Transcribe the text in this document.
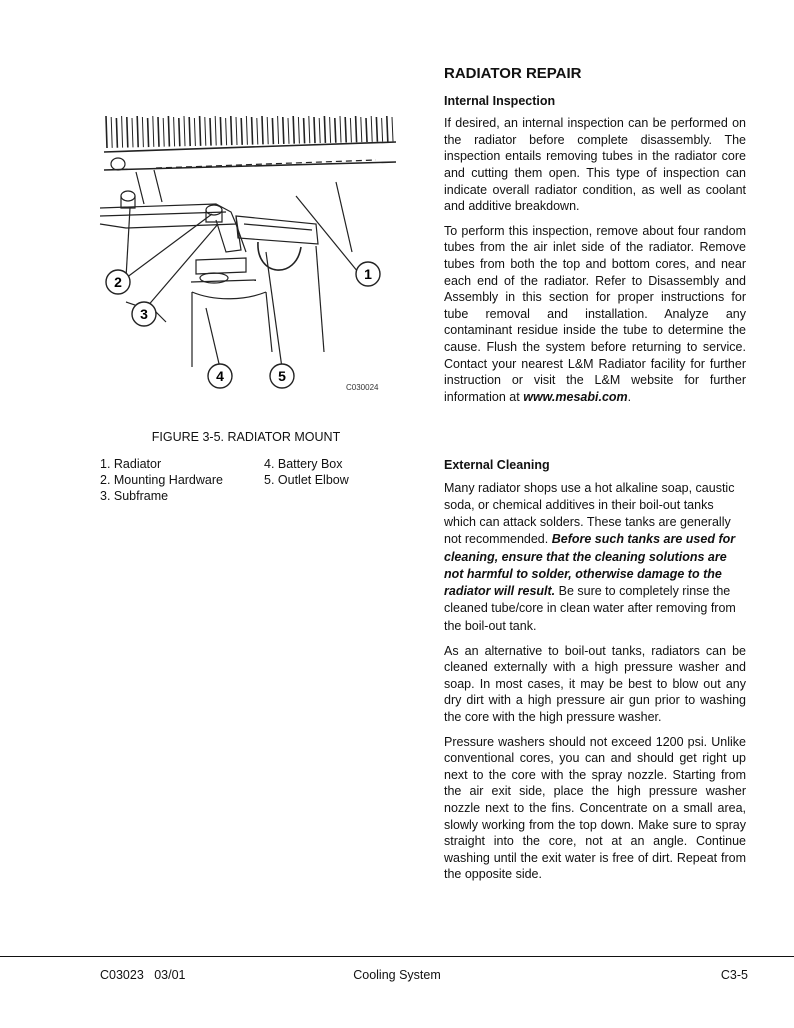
1
2
3
4	5
C030024
FIGURE 3-5. RADIATOR MOUNT
1. Radiator
2. Mounting Hardware
3. Subframe
4. Battery Box
5. Outlet Elbow
RADIATOR REPAIR
Internal Inspection

If desired, an internal inspection can be performed on the radiator before complete disassembly. The inspection entails removing tubes in the radiator core and cutting them open. This type of inspection can indicate overall radiator condition, as well as coolant and additive breakdown.

To perform this inspection, remove about four random tubes from the air inlet side of the radiator. Remove tubes from both the top and bottom cores, and near each end of the radiator. Refer to Disassembly and Assembly in this section for proper instructions for tube removal and installation. Analyze any contaminant residue inside the tube to determine the cause. Flush the system before returning to service. Contact your nearest L&M Radiator facility for further instruction or visit the L&M website for further information at www.mesabi.com.

External Cleaning

Many radiator shops use a hot alkaline soap, caustic soda, or chemical additives in their boil-out tanks which can attack solders. These tanks are generally not recommended. Before such tanks are used for cleaning, ensure that the cleaning solutions are not harmful to solder, otherwise damage to the radiator will result. Be sure to completely rinse the cleaned tube/core in clean water after removing from the boil-out tank.

As an alternative to boil-out tanks, radiators can be cleaned externally with a high pressure washer and soap. In most cases, it may be best to blow out any dry dirt with a high pressure air gun prior to washing the core with the high pressure washer.

Pressure washers should not exceed 1200 psi. Unlike conventional cores, you can and should get right up next to the core with the spray nozzle. Starting from the air exit side, place the high pressure washer nozzle next to the fins. Concentrate on a small area, slowly working from the top down. Make sure to spray straight into the core, not at an angle. Continue washing until the exit water is free of dirt. Repeat from the opposite side.

C03023   03/01	Cooling System	C3-5
